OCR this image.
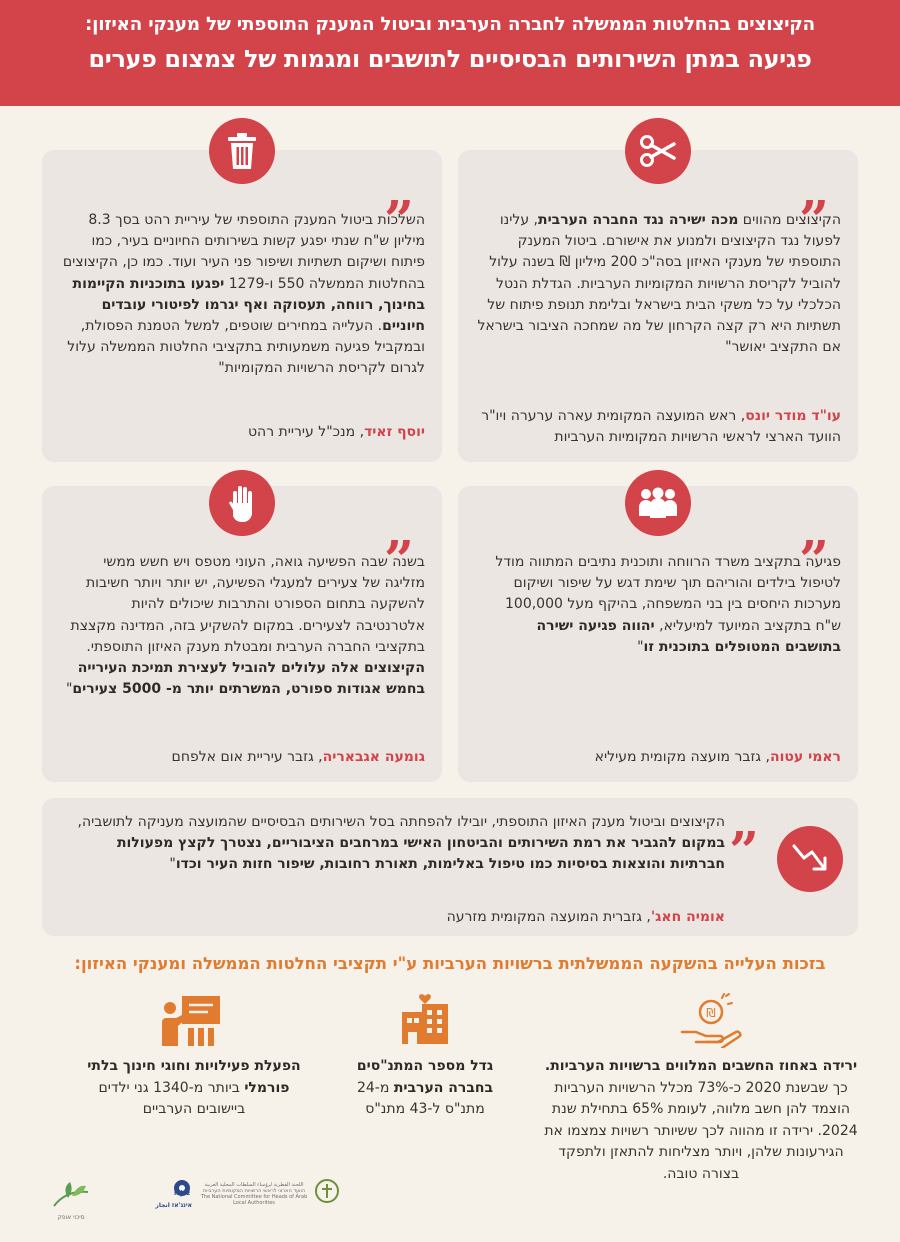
הקיצוצים בהחלטות הממשלה לחברה הערבית וביטול המענק התוספתי של מענקי האיזון:
פגיעה במתן השירותים הבסיסיים לתושבים ומגמות של צמצום פערים
„
הקיצוצים מהווים מכה ישירה נגד החברה הערבית, עלינו לפעול נגד הקיצוצים ולמנוע את אישורם. ביטול המענק התוספתי של מענקי האיזון בסה"כ 200 מיליון ₪ בשנה עלול להוביל לקריסת הרשויות המקומיות הערביות. הגדלת הנטל הכלכלי על כל משקי הבית בישראל ובלימת תנופת פיתוח של תשתיות היא רק קצה הקרחון של מה שמחכה הציבור בישראל אם התקציב יאושר"
עו"ד מודר יונס, ראש המועצה המקומית עארה ערערה ויו"ר הוועד הארצי לראשי הרשויות המקומיות הערביות
„
השלכות ביטול המענק התוספתי של עיריית רהט בסך 8.3 מיליון ש"ח שנתי יפגע קשות בשירותים החיוניים בעיר, כמו פיתוח ושיקום תשתיות ושיפור פני העיר ועוד. כמו כן, הקיצוצים בהחלטות הממשלה 550 ו-1279 יפגעו בתוכניות הקיימות בחינוך, רווחה, תעסוקה ואף יגרמו לפיטורי עובדים חיוניים. העלייה במחירים שוטפים, למשל הטמנת הפסולת, ובמקביל פגיעה משמעותית בתקציבי החלטות הממשלה עלול לגרום לקריסת הרשויות המקומיות"
יוסף זאיד, מנכ"ל עיריית רהט
„
פגיעה בתקציב משרד הרווחה ותוכנית נתיבים המתווה מודל לטיפול בילדים והוריהם תוך שימת דגש על שיפור ושיקום מערכות היחסים בין בני המשפחה, בהיקף מעל 100,000 ש"ח בתקציב המיועד למיעליא, יהווה פגיעה ישירה בתושבים המטופלים בתוכנית זו"
ראמי עטוה, גזבר מועצה מקומית מעיליא
„
בשנה שבה הפשיעה גואה, העוני מטפס ויש חשש ממשי מזליגה של צעירים למעגלי הפשיעה, יש יותר ויותר חשיבות להשקעה בתחום הספורט והתרבות שיכולים להיות אלטרנטיבה לצעירים. במקום להשקיע בזה, המדינה מקצצת בתקציבי החברה הערבית ומבטלת מענק האיזון התוספתי. הקיצוצים אלה עלולים להוביל לעצירת תמיכת העירייה בחמש אגודות ספורט, המשרתים יותר מ- 5000 צעירים"
גומעה אגבאריה, גזבר עיריית אום אלפחם
„
הקיצוצים וביטול מענק האיזון התוספתי, יובילו להפחתה בסל השירותים הבסיסיים שהמועצה מעניקה לתושביה, במקום להגביר את רמת השירותים והביטחון האישי במרחבים הציבוריים, נצטרך לקצץ מפעולות חברתיות והוצאות בסיסיות כמו טיפול באלימות, תאורת רחובות, שיפור חזות העיר וכדו"
אומיה חאג', גזברית המועצה המקומית מזרעה
בזכות העלייה בהשקעה הממשלתית ברשויות הערביות ע"י תקציבי החלטות הממשלה ומענקי האיזון:
₪
ירידה באחוז החשבים המלווים ברשויות הערביות. כך שבשנת 2020 כ-73% מכלל הרשויות הערביות הוצמד להן חשב מלווה, לעומת 65% בתחילת שנת 2024. ירידה זו מהווה לכך ששיותר רשויות צמצמו את הגירעונות שלהן, ויותר מצליחות להתאזן ולתפקד בצורה טובה.
גדל מספר המתנ"סים בחברה הערבית מ-24 מתנ"ס ל-43 מתנ"ס
הפעלת פעילויות וחוגי חינוך בלתי פורמלי ביותר מ-1340 גני ילדים ביישובים הערביים
סיכוי אופק
אינג'אז انجاز
Injaz
اللجنة القطرية لرؤساء السلطات المحلية العربية
הוועד הארצי לראשי הרשויות המקומיות הערביות
The National Committee for Heads of Arab Local Authorities
